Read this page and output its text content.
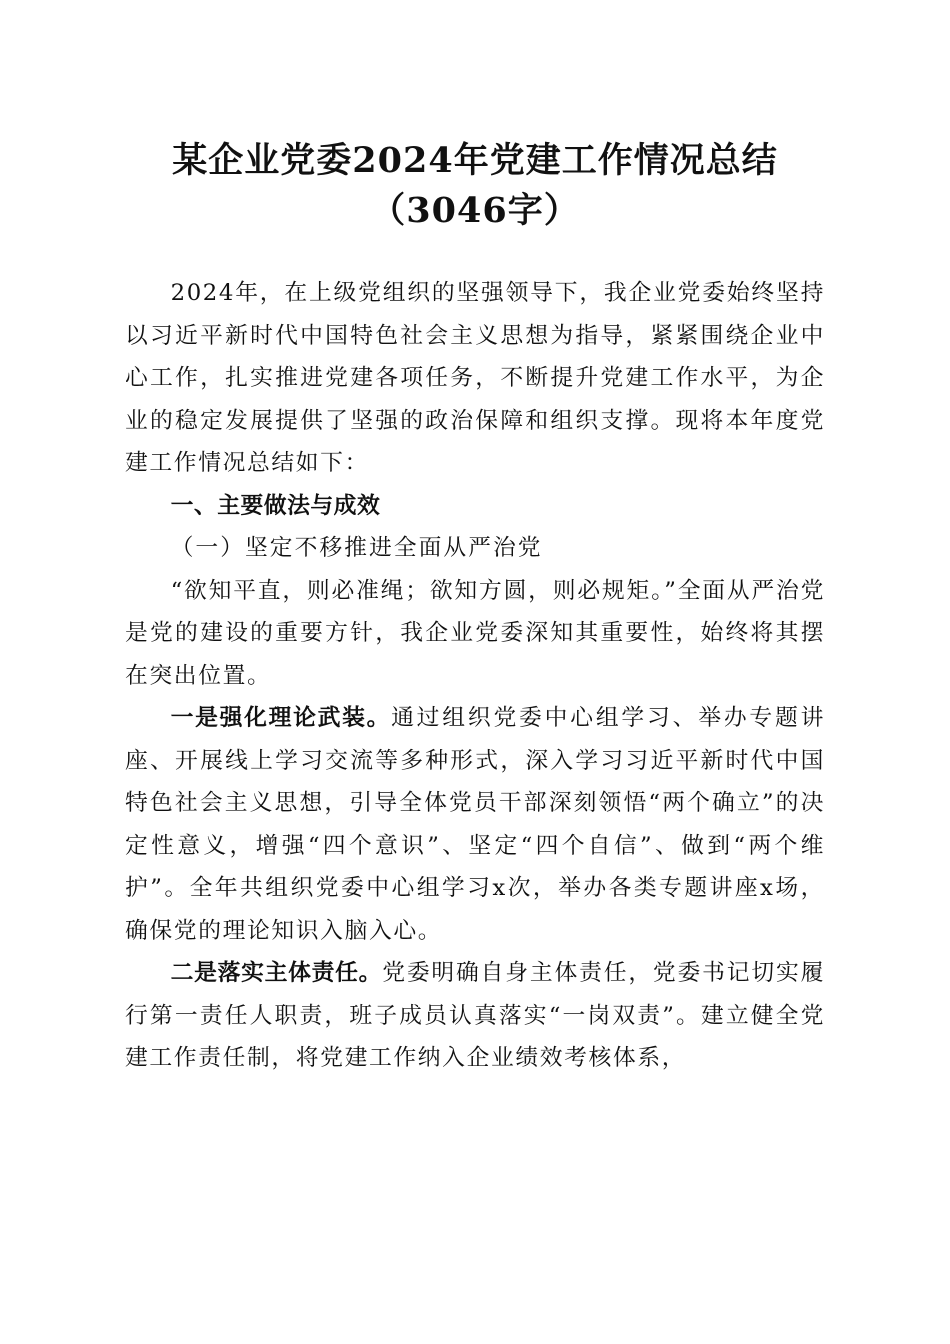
某企业党委2024年党建工作情况总结（3046字）

2024年，在上级党组织的坚强领导下，我企业党委始终坚持以习近平新时代中国特色社会主义思想为指导，紧紧围绕企业中心工作，扎实推进党建各项任务，不断提升党建工作水平，为企业的稳定发展提供了坚强的政治保障和组织支撑。现将本年度党建工作情况总结如下：

一、主要做法与成效

（一）坚定不移推进全面从严治党

“欲知平直，则必准绳；欲知方圆，则必规矩。”全面从严治党是党的建设的重要方针，我企业党委深知其重要性，始终将其摆在突出位置。

一是强化理论武装。通过组织党委中心组学习、举办专题讲座、开展线上学习交流等多种形式，深入学习习近平新时代中国特色社会主义思想，引导全体党员干部深刻领悟“两个确立”的决定性意义，增强“四个意识”、坚定“四个自信”、做到“两个维护”。全年共组织党委中心组学习x次，举办各类专题讲座x场，确保党的理论知识入脑入心。

二是落实主体责任。党委明确自身主体责任，党委书记切实履行第一责任人职责，班子成员认真落实“一岗双责”。建立健全党建工作责任制，将党建工作纳入企业绩效考核体系，
